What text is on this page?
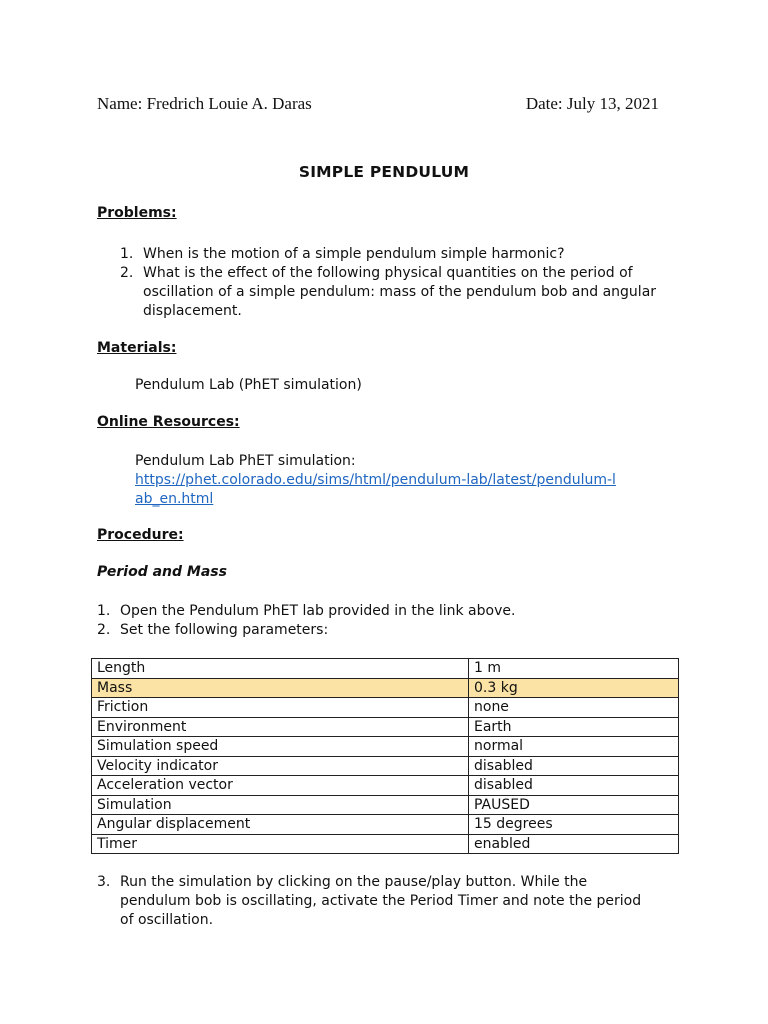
Name: Fredrich Louie A. Daras	Date: July 13, 2021
SIMPLE PENDULUM
Problems:
1. When is the motion of a simple pendulum simple harmonic?
2. What is the effect of the following physical quantities on the period of oscillation of a simple pendulum: mass of the pendulum bob and angular displacement.
Materials:
Pendulum Lab (PhET simulation)
Online Resources:
Pendulum Lab PhET simulation:
https://phet.colorado.edu/sims/html/pendulum-lab/latest/pendulum-lab_en.html
Procedure:
Period and Mass
1. Open the Pendulum PhET lab provided in the link above.
2. Set the following parameters:
Length	1 m
Mass	0.3 kg
Friction	none
Environment	Earth
Simulation speed	normal
Velocity indicator	disabled
Acceleration vector	disabled
Simulation	PAUSED
Angular displacement	15 degrees
Timer	enabled
3. Run the simulation by clicking on the pause/play button. While the pendulum bob is oscillating, activate the Period Timer and note the period of oscillation.
